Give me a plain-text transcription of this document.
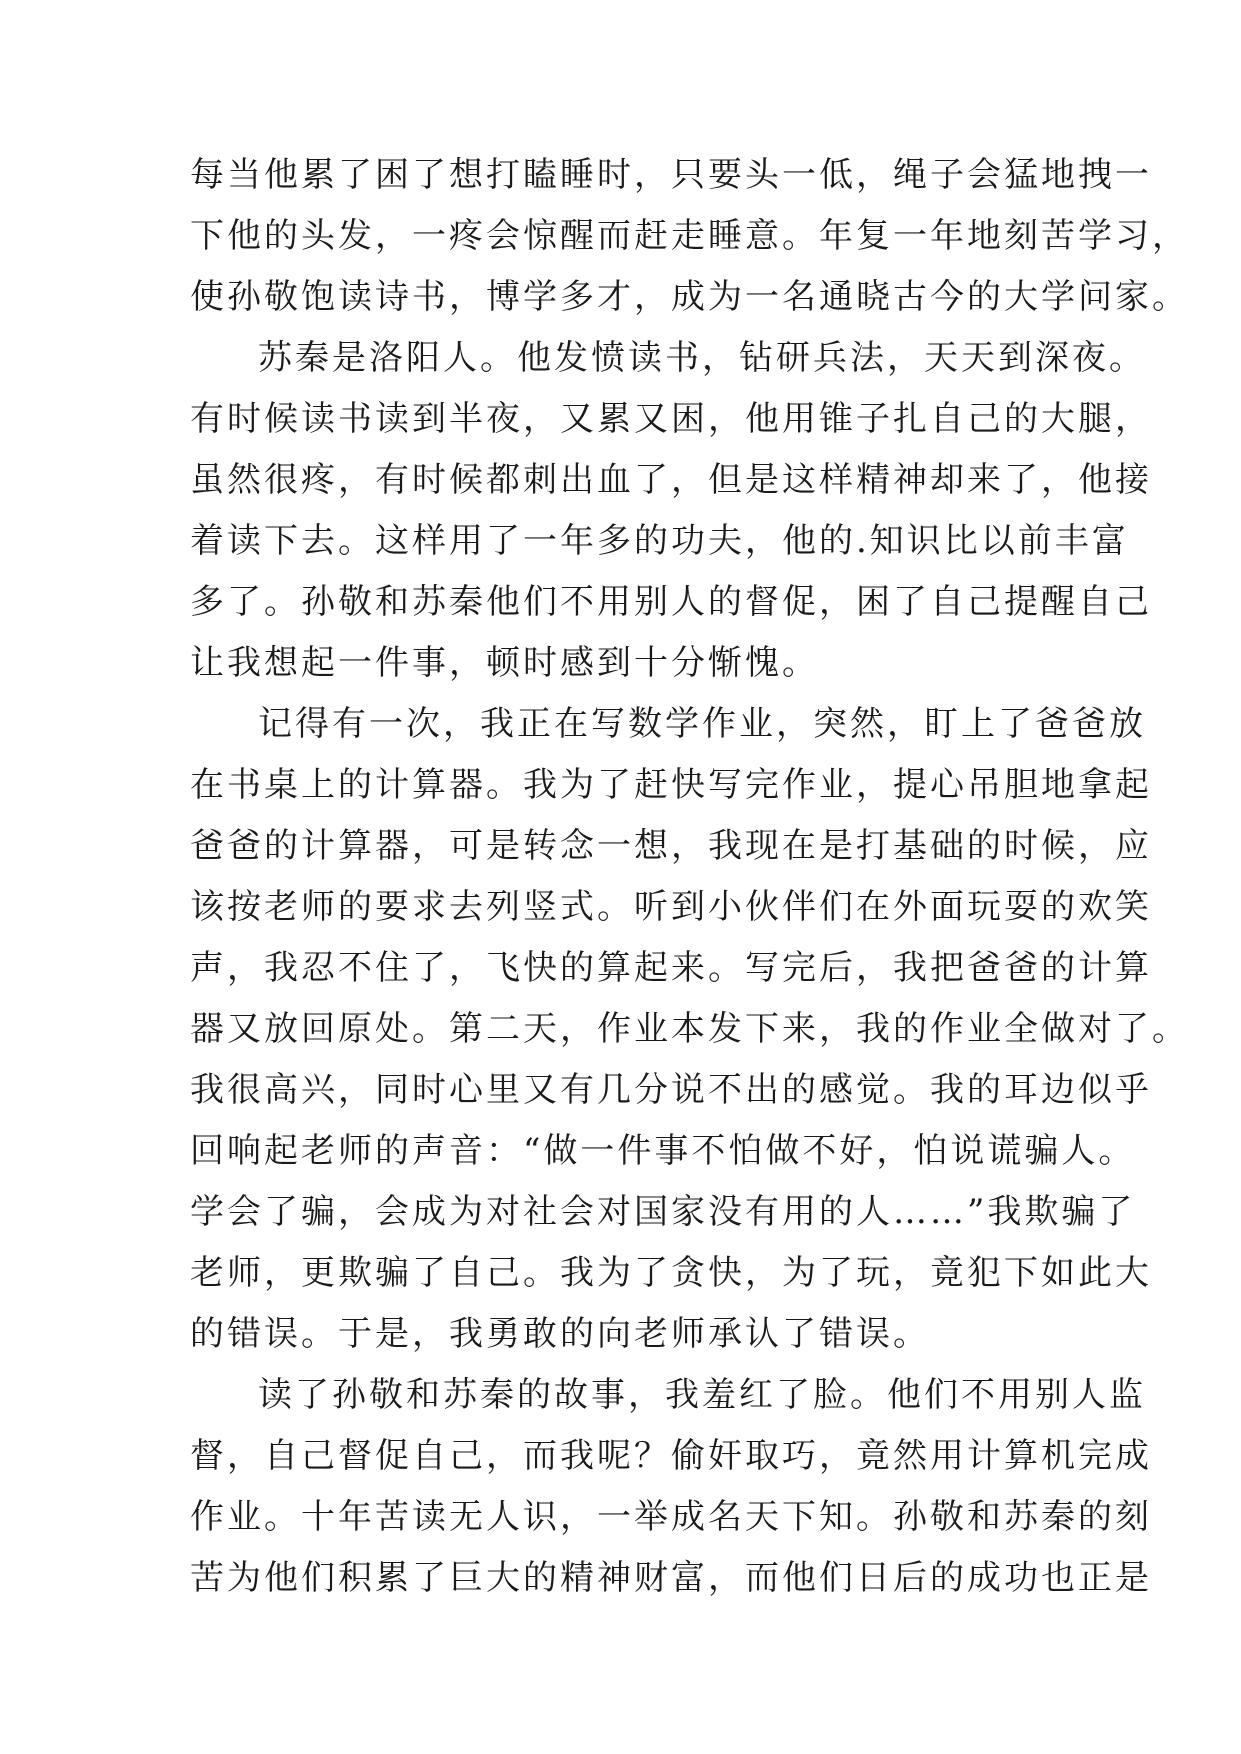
每当他累了困了想打瞌睡时，只要头一低，绳子会猛地拽一
下他的头发，一疼会惊醒而赶走睡意。年复一年地刻苦学习，
使孙敬饱读诗书，博学多才，成为一名通晓古今的大学问家。
苏秦是洛阳人。他发愤读书，钻研兵法，天天到深夜。
有时候读书读到半夜，又累又困，他用锥子扎自己的大腿，
虽然很疼，有时候都刺出血了，但是这样精神却来了，他接
着读下去。这样用了一年多的功夫，他的.知识比以前丰富
多了。孙敬和苏秦他们不用别人的督促，困了自己提醒自己
让我想起一件事，顿时感到十分惭愧。
记得有一次，我正在写数学作业，突然，盯上了爸爸放
在书桌上的计算器。我为了赶快写完作业，提心吊胆地拿起
爸爸的计算器，可是转念一想，我现在是打基础的时候，应
该按老师的要求去列竖式。听到小伙伴们在外面玩耍的欢笑
声，我忍不住了，飞快的算起来。写完后，我把爸爸的计算
器又放回原处。第二天，作业本发下来，我的作业全做对了。
我很高兴，同时心里又有几分说不出的感觉。我的耳边似乎
回响起老师的声音：“做一件事不怕做不好，怕说谎骗人。
学会了骗，会成为对社会对国家没有用的人……”我欺骗了
老师，更欺骗了自己。我为了贪快，为了玩，竟犯下如此大
的错误。于是，我勇敢的向老师承认了错误。
读了孙敬和苏秦的故事，我羞红了脸。他们不用别人监
督，自己督促自己，而我呢？偷奸取巧，竟然用计算机完成
作业。十年苦读无人识，一举成名天下知。孙敬和苏秦的刻
苦为他们积累了巨大的精神财富，而他们日后的成功也正是
